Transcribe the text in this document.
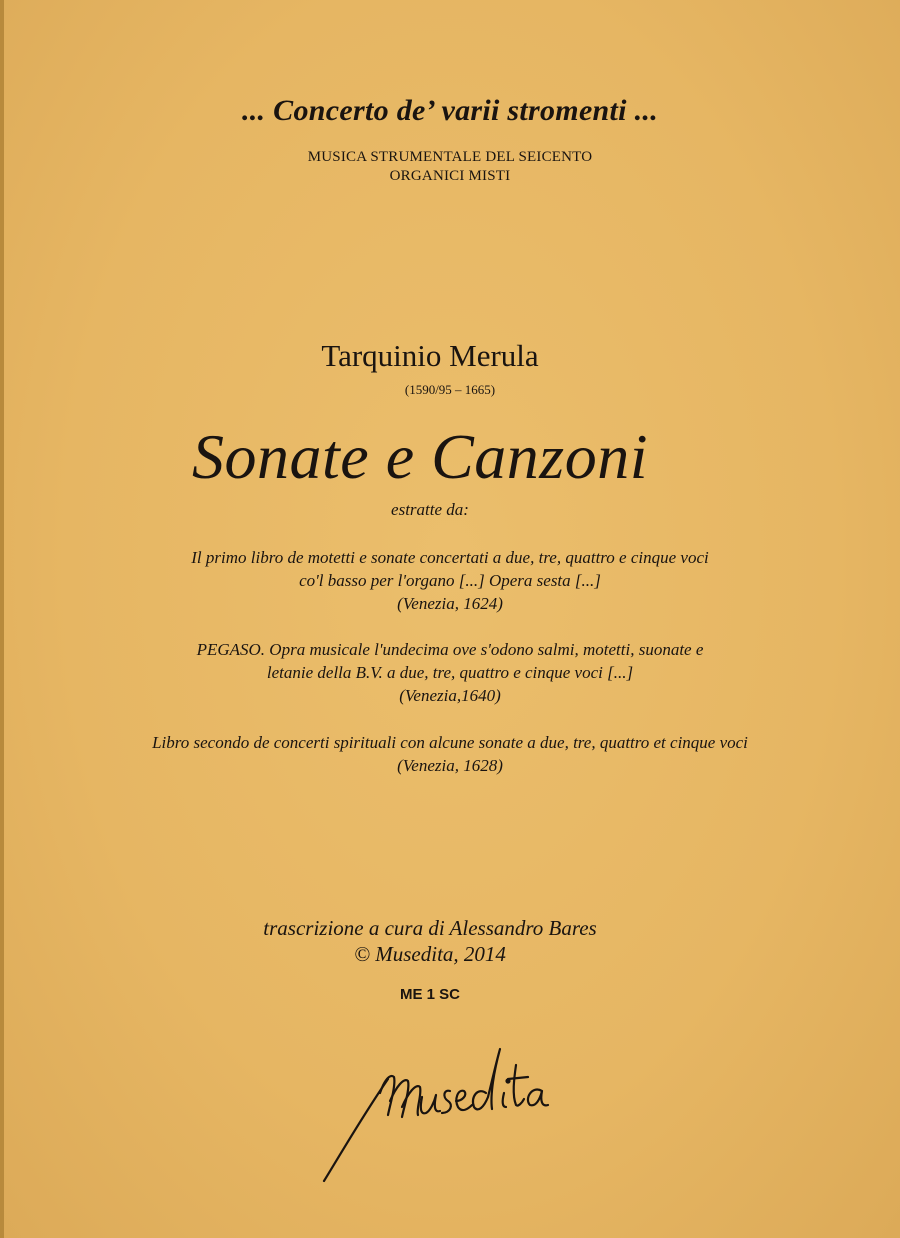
... Concerto de’ varii stromenti ...
MUSICA STRUMENTALE DEL SEICENTO
ORGANICI MISTI
Tarquinio Merula
(1590/95 – 1665)
Sonate e Canzoni
estratte da:
Il primo libro de motetti e sonate concertati a due, tre, quattro e cinque voci
co'l basso per l'organo [...] Opera sesta [...]
(Venezia, 1624)
PEGASO. Opra musicale l'undecima ove s'odono salmi, motetti, suonate e
letanie della B.V. a due, tre, quattro e cinque voci [...]
(Venezia,1640)
Libro secondo de concerti spirituali con alcune sonate a due, tre, quattro et cinque voci
(Venezia, 1628)
trascrizione a cura di Alessandro Bares
© Musedita, 2014
ME 1 SC
